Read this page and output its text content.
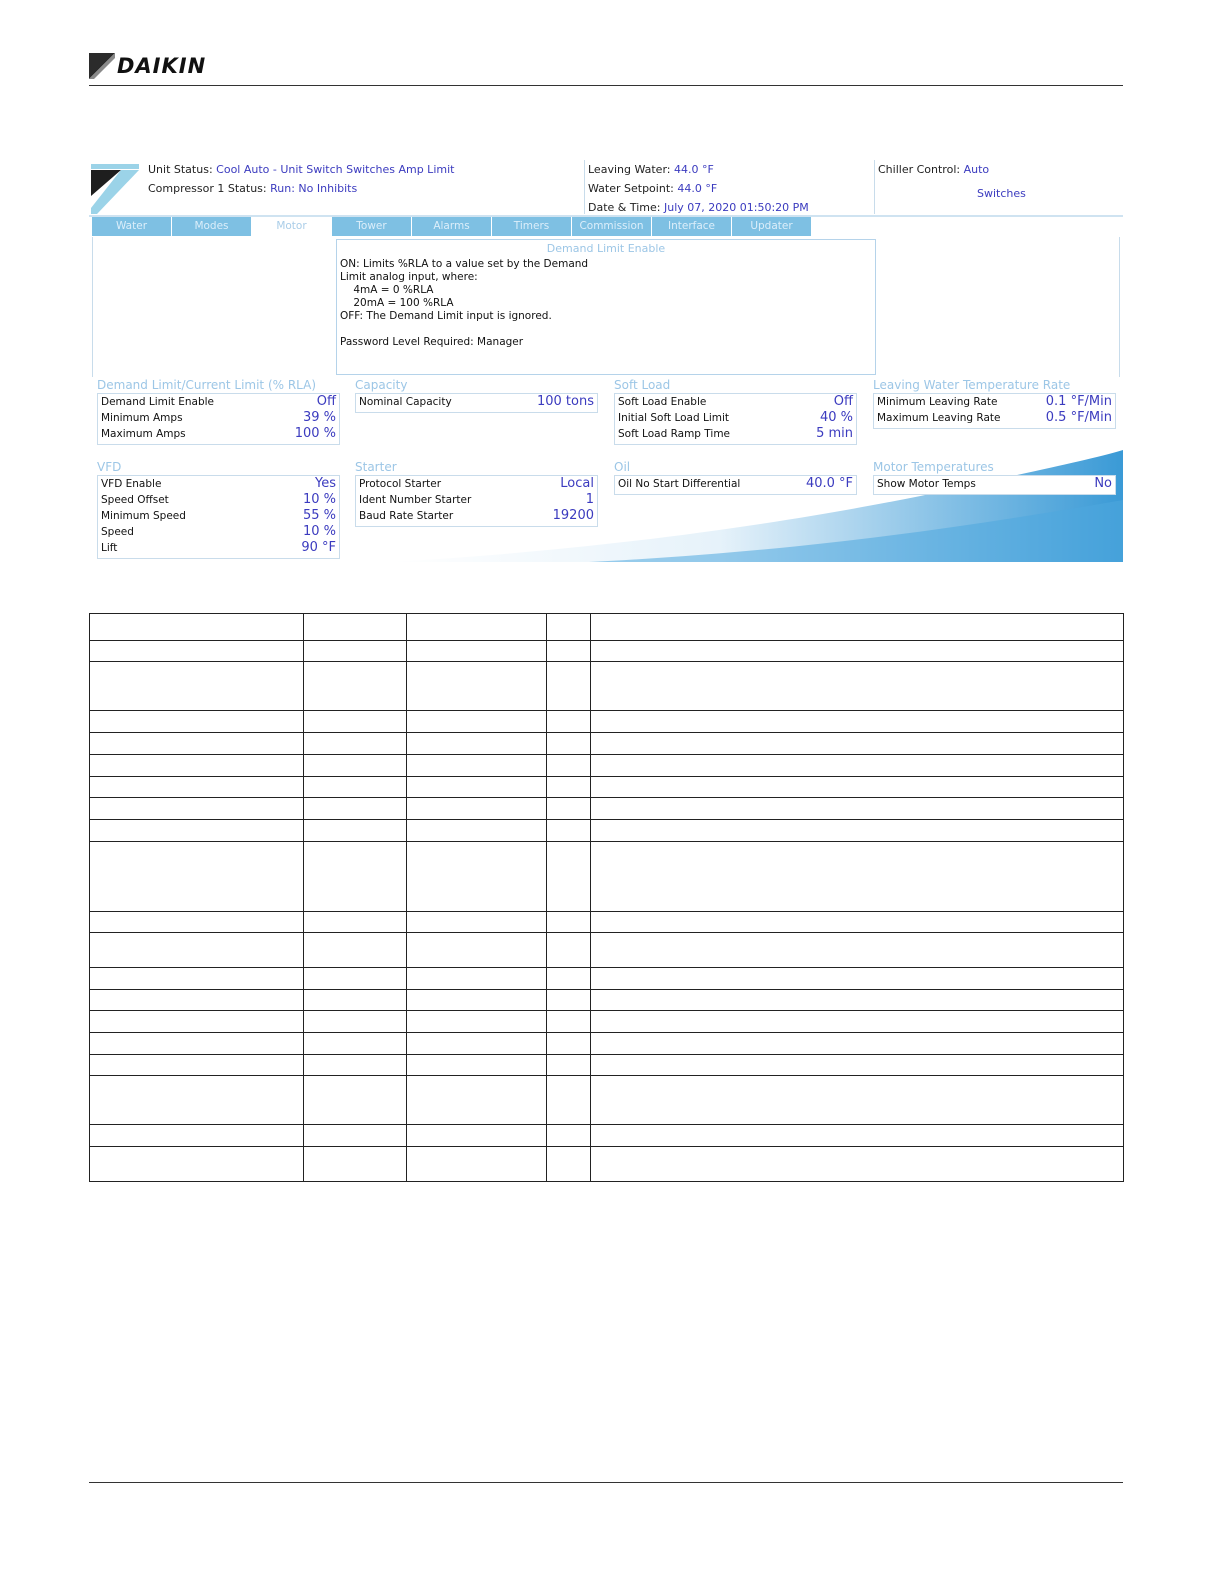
DAIKIN
Unit Status: Cool Auto - Unit Switch Switches Amp Limit
Compressor 1 Status: Run: No Inhibits
Leaving Water: 44.0 °F
Water Setpoint: 44.0 °F
Date & Time: July 07, 2020 01:50:20 PM
Chiller Control: Auto
Switches
Water	Modes	Motor	Tower	Alarms	Timers	Commission	Interface	Updater
Demand Limit Enable
ON: Limits %RLA to a value set by the Demand
Limit analog input, where:
4mA = 0 %RLA
20mA = 100 %RLA
OFF: The Demand Limit input is ignored.

Password Level Required: Manager
Demand Limit/Current Limit (% RLA)
Demand Limit Enable	Off
Minimum Amps	39 %
Maximum Amps	100 %
Capacity
Nominal Capacity	100 tons
Soft Load
Soft Load Enable	Off
Initial Soft Load Limit	40 %
Soft Load Ramp Time	5 min
Leaving Water Temperature Rate
Minimum Leaving Rate	0.1 °F/Min
Maximum Leaving Rate	0.5 °F/Min
VFD
VFD Enable	Yes
Speed Offset	10 %
Minimum Speed	55 %
Speed	10 %
Lift	90 °F
Starter
Protocol Starter	Local
Ident Number Starter	1
Baud Rate Starter	19200
Oil
Oil No Start Differential	40.0 °F
Motor Temperatures
Show Motor Temps	No
